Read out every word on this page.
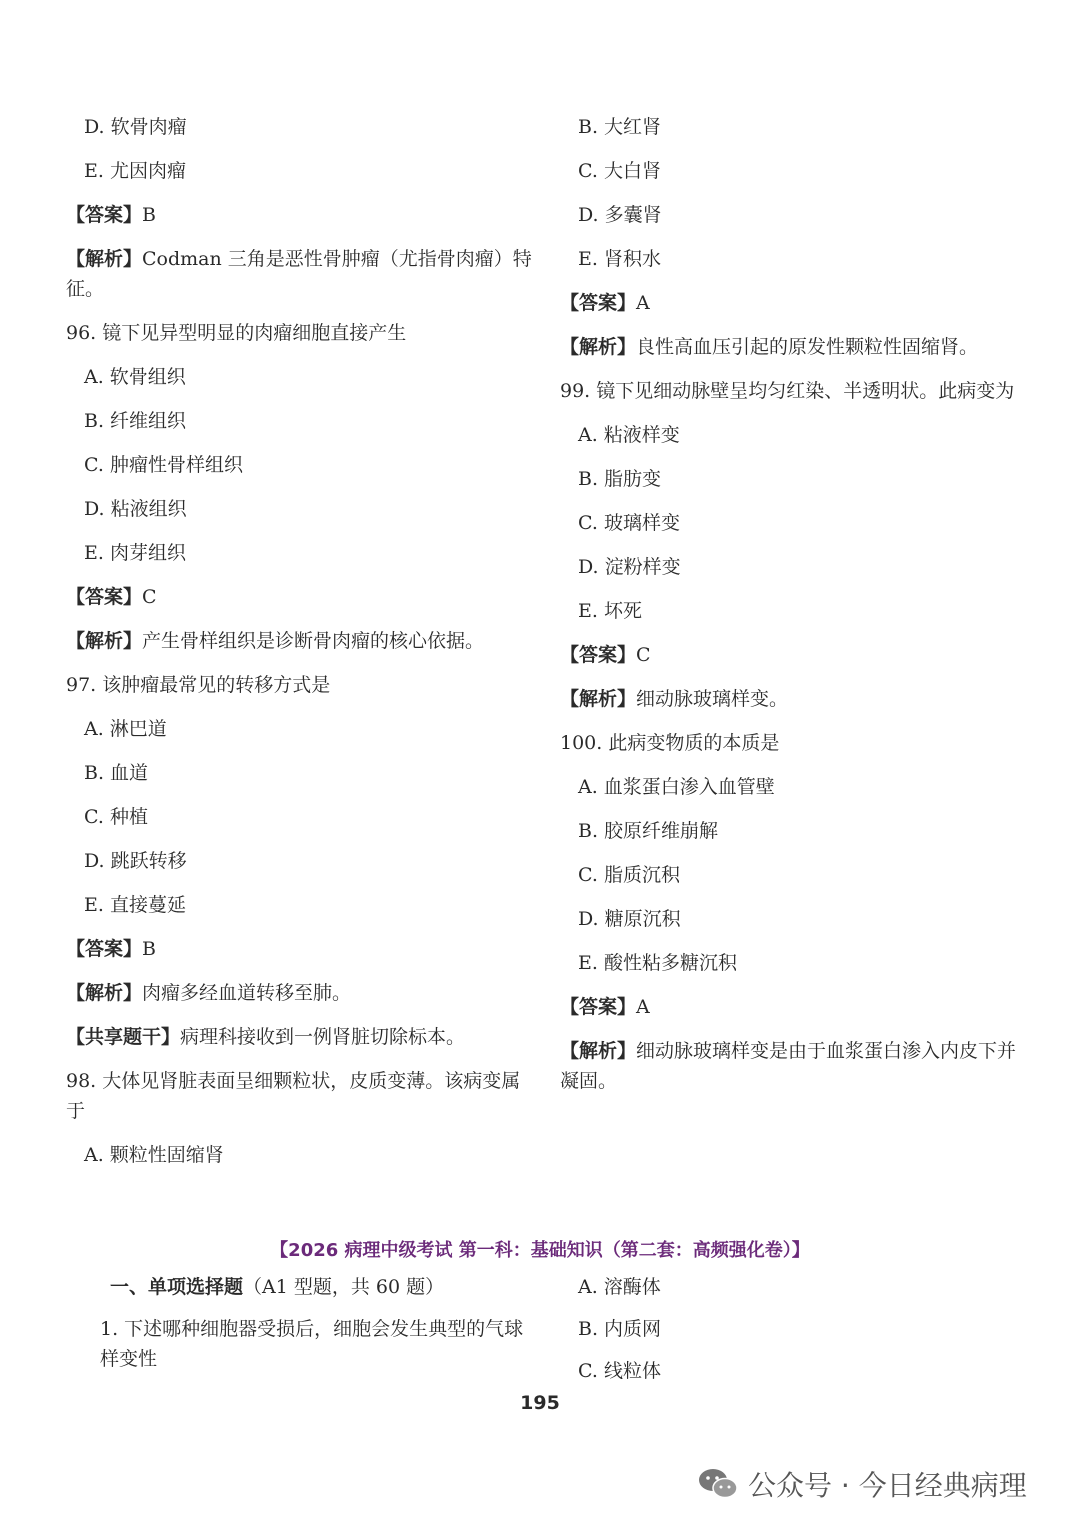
D. 软骨肉瘤
E. 尤因肉瘤
【答案】B
【解析】Codman 三角是恶性骨肿瘤（尤指骨肉瘤）特征。
96. 镜下见异型明显的肉瘤细胞直接产生
A. 软骨组织
B. 纤维组织
C. 肿瘤性骨样组织
D. 粘液组织
E. 肉芽组织
【答案】C
【解析】产生骨样组织是诊断骨肉瘤的核心依据。
97. 该肿瘤最常见的转移方式是
A. 淋巴道
B. 血道
C. 种植
D. 跳跃转移
E. 直接蔓延
【答案】B
【解析】肉瘤多经血道转移至肺。
【共享题干】病理科接收到一例肾脏切除标本。
98. 大体见肾脏表面呈细颗粒状，皮质变薄。该病变属于
A. 颗粒性固缩肾
B. 大红肾
C. 大白肾
D. 多囊肾
E. 肾积水
【答案】A
【解析】良性高血压引起的原发性颗粒性固缩肾。
99. 镜下见细动脉壁呈均匀红染、半透明状。此病变为
A. 粘液样变
B. 脂肪变
C. 玻璃样变
D. 淀粉样变
E. 坏死
【答案】C
【解析】细动脉玻璃样变。
100. 此病变物质的本质是
A. 血浆蛋白渗入血管壁
B. 胶原纤维崩解
C. 脂质沉积
D. 糖原沉积
E. 酸性粘多糖沉积
【答案】A
【解析】细动脉玻璃样变是由于血浆蛋白渗入内皮下并凝固。
【2026 病理中级考试 第一科：基础知识（第二套：高频强化卷）】
一、单项选择题（A1 型题，共 60 题）
1. 下述哪种细胞器受损后，细胞会发生典型的气球样变性
A. 溶酶体
B. 内质网
C. 线粒体
195
公众号 · 今日经典病理
